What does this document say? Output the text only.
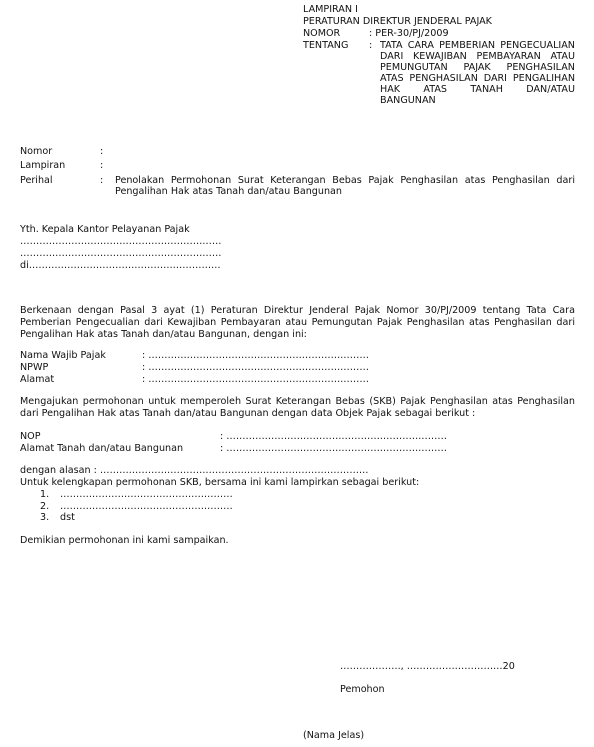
LAMPIRAN I
PERATURAN DIREKTUR JENDERAL PAJAK
NOMOR	: PER-30/PJ/2009
TENTANG : TATA CARA PEMBERIAN PENGECUALIAN
DARI KEWAJIBAN PEMBAYARAN ATAU
PEMUNGUTAN PAJAK PENGHASILAN
ATAS PENGHASILAN DARI PENGALIHAN
HAK ATAS TANAH DAN/ATAU
BANGUNAN
Nomor	:
Lampiran	:
Perihal	: Penolakan Permohonan Surat Keterangan Bebas Pajak Penghasilan atas Penghasilan dari
Pengalihan Hak atas Tanah dan/atau Bangunan
Yth. Kepala Kantor Pelayanan Pajak
………………………………………………………
………………………………………………………
di……………………………………………………
Berkenaan dengan Pasal 3 ayat (1) Peraturan Direktur Jenderal Pajak Nomor 30/PJ/2009 tentang Tata Cara
Pemberian Pengecualian dari Kewajiban Pembayaran atau Pemungutan Pajak Penghasilan atas Penghasilan dari
Pengalihan Hak atas Tanah dan/atau Bangunan, dengan ini:
Nama Wajib Pajak	: ……………………………………………………………
NPWP	: ……………………………………………………………
Alamat	: ……………………………………………………………
Mengajukan permohonan untuk memperoleh Surat Keterangan Bebas (SKB) Pajak Penghasilan atas Penghasilan
dari Pengalihan Hak atas Tanah dan/atau Bangunan dengan data Objek Pajak sebagai berikut :
NOP	: ……………………………………………………………
Alamat Tanah dan/atau Bangunan	: ……………………………………………………………
dengan alasan : …………………………………………………………………………
Untuk kelengkapan permohonan SKB, bersama ini kami lampirkan sebagai berikut:
1. ………………………………………………
2. ………………………………………………
3. dst
Demikian permohonan ini kami sampaikan.
………………., …………………………20
Pemohon
(Nama Jelas)
